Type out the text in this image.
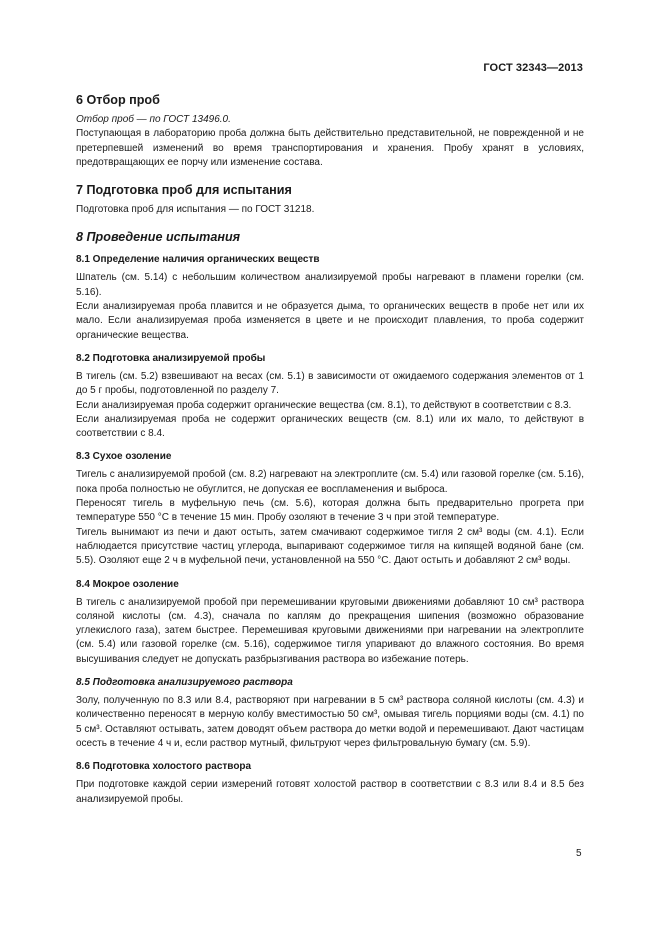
ГОСТ 32343—2013
6 Отбор проб

Отбор проб — по ГОСТ 13496.0.

Поступающая в лабораторию проба должна быть действительно представительной, не поврежденной и не претерпевшей изменений во время транспортирования и хранения. Пробу хранят в условиях, предотвращающих ее порчу или изменение состава.

7 Подготовка проб для испытания

Подготовка проб для испытания — по ГОСТ 31218.

8 Проведение испытания
8.1 Определение наличия органических веществ

Шпатель (см. 5.14) с небольшим количеством анализируемой пробы нагревают в пламени горелки (см. 5.16).

Если анализируемая проба плавится и не образуется дыма, то органических веществ в пробе нет или их мало. Если анализируемая проба изменяется в цвете и не происходит плавления, то проба содержит органические вещества.

8.2 Подготовка анализируемой пробы

В тигель (см. 5.2) взвешивают на весах (см. 5.1) в зависимости от ожидаемого содержания элементов от 1 до 5 г пробы, подготовленной по разделу 7.

Если анализируемая проба содержит органические вещества (см. 8.1), то действуют в соответствии с 8.3.

Если анализируемая проба не содержит органических веществ (см. 8.1) или их мало, то действуют в соответствии с 8.4.

8.3 Сухое озоление

Тигель с анализируемой пробой (см. 8.2) нагревают на электроплите (см. 5.4) или газовой горелке (см. 5.16), пока проба полностью не обуглится, не допуская ее воспламенения и выброса.

Переносят тигель в муфельную печь (см. 5.6), которая должна быть предварительно прогрета при температуре 550 °С в течение 15 мин. Пробу озоляют в течение 3 ч при этой температуре.

Тигель вынимают из печи и дают остыть, затем смачивают содержимое тигля 2 см³ воды (см. 4.1). Если наблюдается присутствие частиц углерода, выпаривают содержимое тигля на кипящей водяной бане (см. 5.5). Озоляют еще 2 ч в муфельной печи, установленной на 550 °С. Дают остыть и добавляют 2 см³ воды.

8.4 Мокрое озоление

В тигель с анализируемой пробой при перемешивании круговыми движениями добавляют 10 см³ раствора соляной кислоты (см. 4.3), сначала по каплям до прекращения шипения (возможно образование углекислого газа), затем быстрее. Перемешивая круговыми движениями при нагревании на электроплите (см. 5.4) или газовой горелке (см. 5.16), содержимое тигля упаривают до влажного состояния. Во время высушивания следует не допускать разбрызгивания раствора во избежание потерь.

8.5 Подготовка анализируемого раствора

Золу, полученную по 8.3 или 8.4, растворяют при нагревании в 5 см³ раствора соляной кислоты (см. 4.3) и количественно переносят в мерную колбу вместимостью 50 см³, омывая тигель порциями воды (см. 4.1) по 5 см³. Оставляют остывать, затем доводят объем раствора до метки водой и перемешивают. Дают частицам осесть в течение 4 ч и, если раствор мутный, фильтруют через фильтровальную бумагу (см. 5.9).

8.6 Подготовка холостого раствора

При подготовке каждой серии измерений готовят холостой раствор в соответствии с 8.3 или 8.4 и 8.5 без анализируемой пробы.

5
